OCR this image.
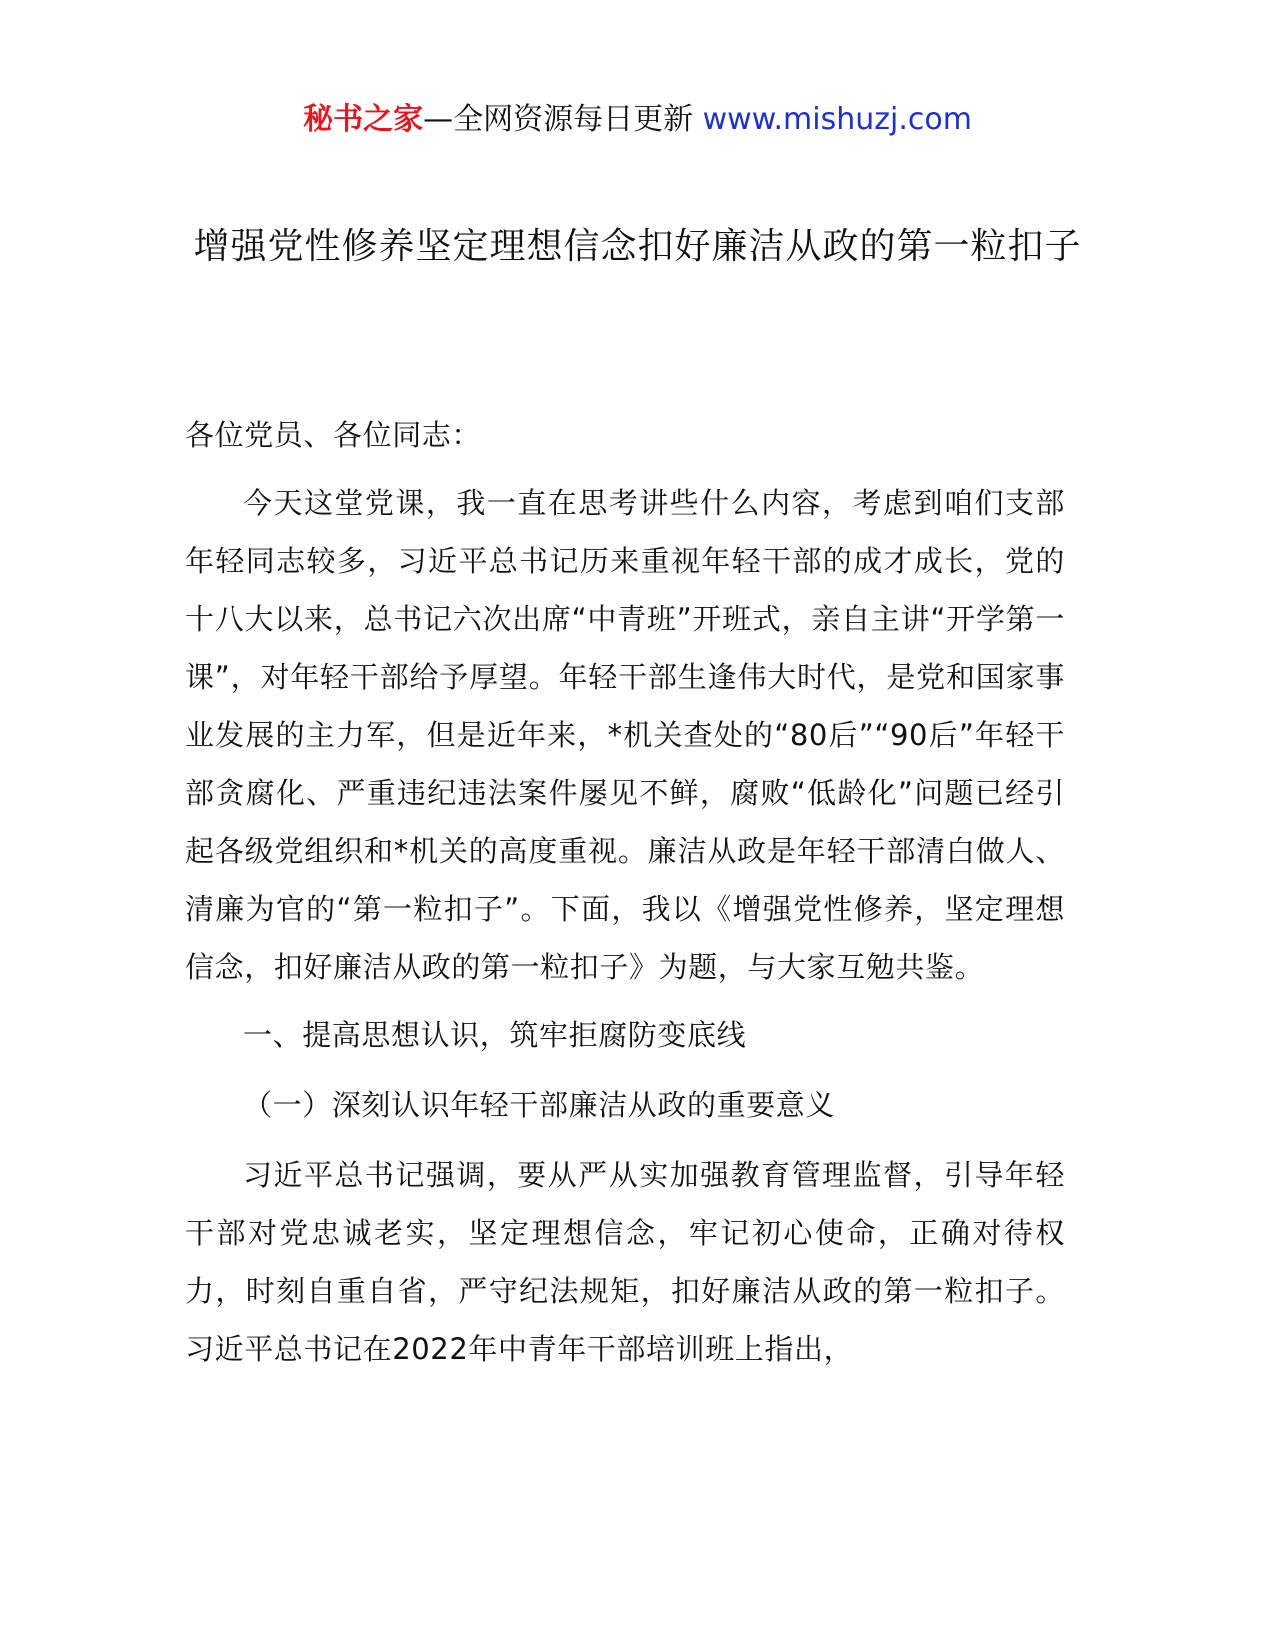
秘书之家—全网资源每日更新 www.mishuzj.com
增强党性修养坚定理想信念扣好廉洁从政的第一粒扣子

各位党员、各位同志：

今天这堂党课，我一直在思考讲些什么内容，考虑到咱们支部年轻同志较多，习近平总书记历来重视年轻干部的成才成长，党的十八大以来，总书记六次出席“中青班”开班式，亲自主讲“开学第一课”，对年轻干部给予厚望。年轻干部生逢伟大时代，是党和国家事业发展的主力军，但是近年来，*机关查处的“80后”“90后”年轻干部贪腐化、严重违纪违法案件屡见不鲜，腐败“低龄化”问题已经引起各级党组织和*机关的高度重视。廉洁从政是年轻干部清白做人、清廉为官的“第一粒扣子”。下面，我以《增强党性修养，坚定理想信念，扣好廉洁从政的第一粒扣子》为题，与大家互勉共鉴。

一、提高思想认识，筑牢拒腐防变底线

（一）深刻认识年轻干部廉洁从政的重要意义

习近平总书记强调，要从严从实加强教育管理监督，引导年轻干部对党忠诚老实，坚定理想信念，牢记初心使命，正确对待权力，时刻自重自省，严守纪法规矩，扣好廉洁从政的第一粒扣子。习近平总书记在2022年中青年干部培训班上指出，
